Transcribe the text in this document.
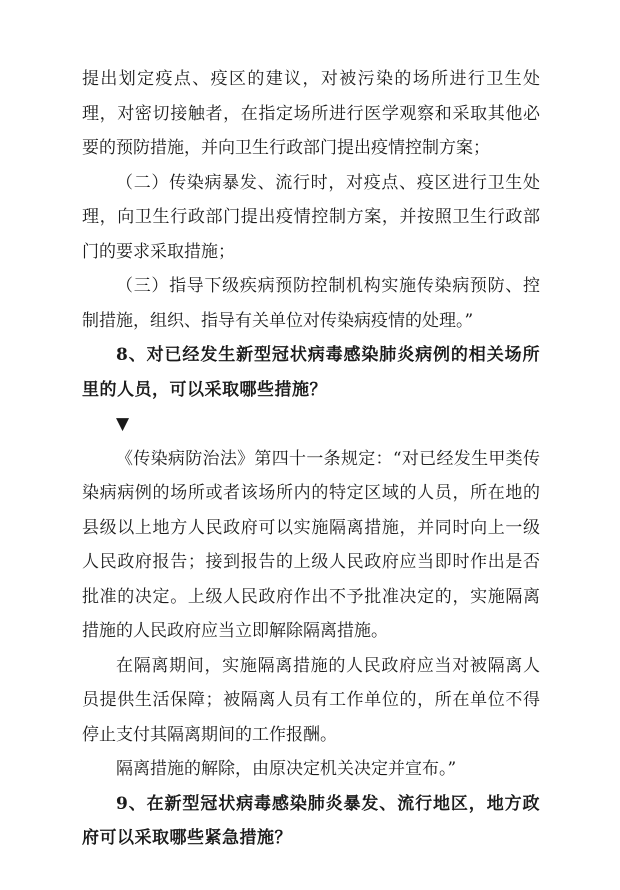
提出划定疫点、疫区的建议，对被污染的场所进行卫生处理，对密切接触者，在指定场所进行医学观察和采取其他必要的预防措施，并向卫生行政部门提出疫情控制方案；

（二）传染病暴发、流行时，对疫点、疫区进行卫生处理，向卫生行政部门提出疫情控制方案，并按照卫生行政部门的要求采取措施；

（三）指导下级疾病预防控制机构实施传染病预防、控制措施，组织、指导有关单位对传染病疫情的处理。”

8、对已经发生新型冠状病毒感染肺炎病例的相关场所里的人员，可以采取哪些措施？

▼

《传染病防治法》第四十一条规定：“对已经发生甲类传染病病例的场所或者该场所内的特定区域的人员，所在地的县级以上地方人民政府可以实施隔离措施，并同时向上一级人民政府报告；接到报告的上级人民政府应当即时作出是否批准的决定。上级人民政府作出不予批准决定的，实施隔离措施的人民政府应当立即解除隔离措施。

在隔离期间，实施隔离措施的人民政府应当对被隔离人员提供生活保障；被隔离人员有工作单位的，所在单位不得停止支付其隔离期间的工作报酬。

隔离措施的解除，由原决定机关决定并宣布。”

9、在新型冠状病毒感染肺炎暴发、流行地区，地方政府可以采取哪些紧急措施？
